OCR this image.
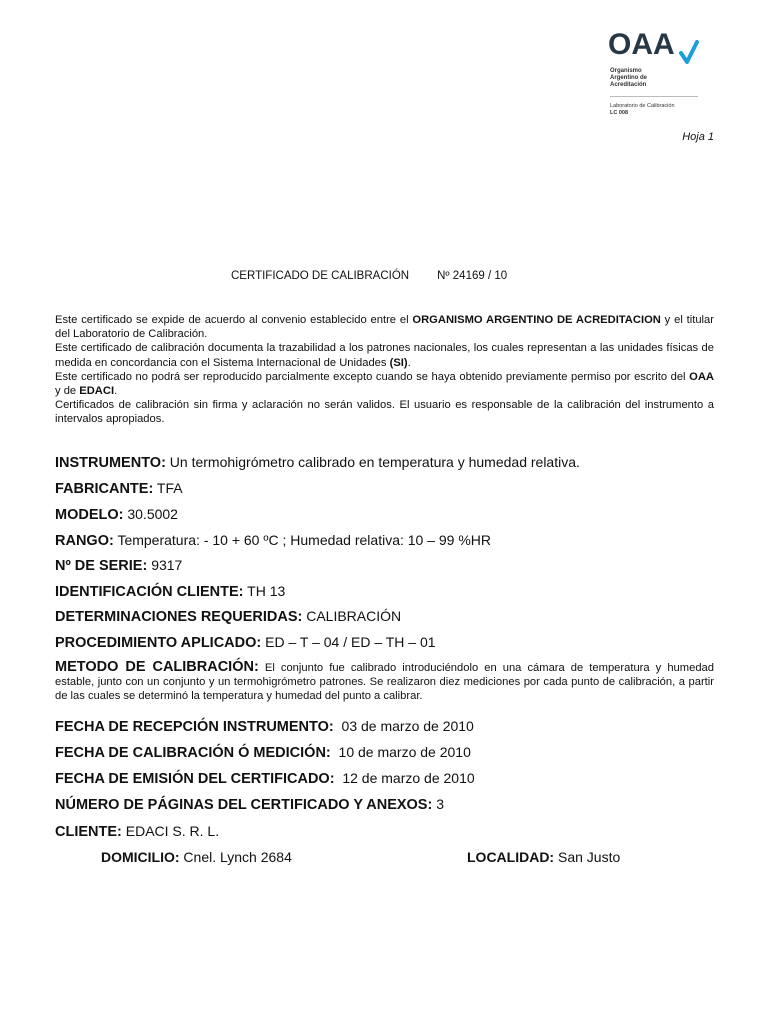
OAA
Organismo
Argentino de
Acreditación
Laboratorio de Calibración
LC 008
Hoja 1
CERTIFICADO DE CALIBRACIÓN Nº 24169 / 10

Este certificado se expide de acuerdo al convenio establecido entre el ORGANISMO ARGENTINO DE ACREDITACION y el titular del Laboratorio de Calibración.

Este certificado de calibración documenta la trazabilidad a los patrones nacionales, los cuales representan a las unidades físicas de medida en concordancia con el Sistema Internacional de Unidades (SI).

Este certificado no podrá ser reproducido parcialmente excepto cuando se haya obtenido previamente permiso por escrito del OAA y de EDACI.

Certificados de calibración sin firma y aclaración no serán validos. El usuario es responsable de la calibración del instrumento a intervalos apropiados.

INSTRUMENTO: Un termohigrómetro calibrado en temperatura y humedad relativa.
FABRICANTE: TFA
MODELO: 30.5002
RANGO: Temperatura: - 10 + 60 ºC ; Humedad relativa: 10 – 99 %HR
Nº DE SERIE: 9317
IDENTIFICACIÓN CLIENTE: TH 13
DETERMINACIONES REQUERIDAS: CALIBRACIÓN
PROCEDIMIENTO APLICADO: ED – T – 04 / ED – TH – 01
METODO DE CALIBRACIÓN: El conjunto fue calibrado introduciéndolo en una cámara de temperatura y humedad estable, junto con un conjunto y un termohigrómetro patrones. Se realizaron diez mediciones por cada punto de calibración, a partir de las cuales se determinó la temperatura y humedad del punto a calibrar.
FECHA DE RECEPCIÓN INSTRUMENTO:  03 de marzo de 2010
FECHA DE CALIBRACIÓN Ó MEDICIÓN:  10 de marzo de 2010
FECHA DE EMISIÓN DEL CERTIFICADO:  12 de marzo de 2010
NÚMERO DE PÁGINAS DEL CERTIFICADO Y ANEXOS: 3
CLIENTE: EDACI S. R. L.
DOMICILIO: Cnel. Lynch 2684	LOCALIDAD: San Justo
